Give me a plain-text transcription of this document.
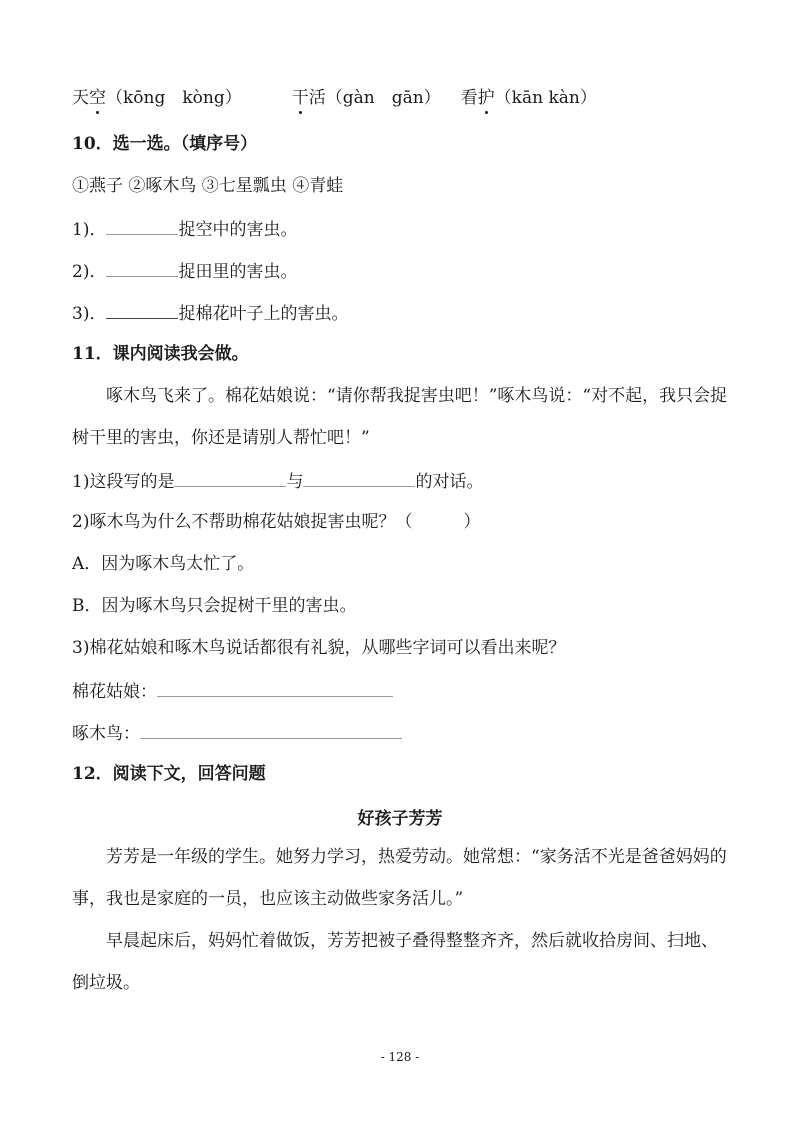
天空（kōng　kòng）	干活（gàn　gān） 看护（kān kàn）
10．选一选。（填序号）
①燕子 ②啄木鸟 ③七星瓢虫 ④青蛙
1)．	捉空中的害虫。
2)．	捉田里的害虫。
3)．	捉棉花叶子上的害虫。
11．课内阅读我会做。
啄木鸟飞来了。棉花姑娘说：“请你帮我捉害虫吧！”啄木鸟说：“对不起，我只会捉树干里的害虫，你还是请别人帮忙吧！”
1)这段写的是	与	的对话。
2)啄木鸟为什么不帮助棉花姑娘捉害虫呢？（　　　）
A．因为啄木鸟太忙了。
B．因为啄木鸟只会捉树干里的害虫。
3)棉花姑娘和啄木鸟说话都很有礼貌，从哪些字词可以看出来呢？
棉花姑娘：
啄木鸟：
12．阅读下文，回答问题
好孩子芳芳
芳芳是一年级的学生。她努力学习，热爱劳动。她常想：“家务活不光是爸爸妈妈的事，我也是家庭的一员，也应该主动做些家务活儿。”
早晨起床后，妈妈忙着做饭，芳芳把被子叠得整整齐齐，然后就收拾房间、扫地、倒垃圾。
- 128 -
